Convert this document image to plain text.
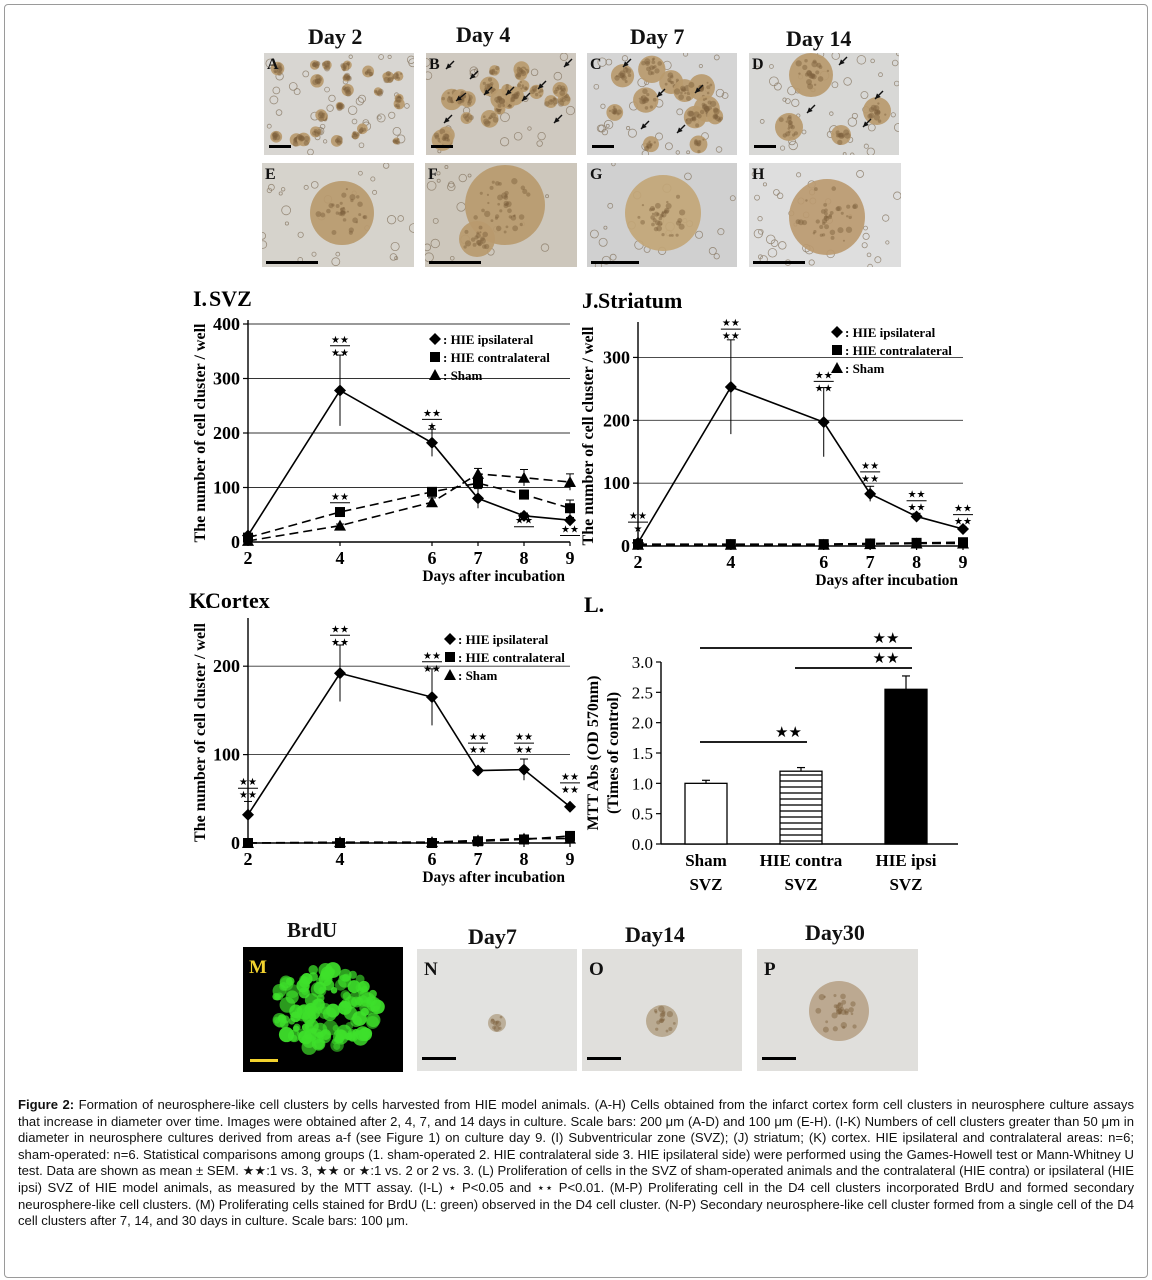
Day 2	Day 4	Day 7	Day 14
A	B	C	D
E	F	G	H
0
100
200
300
400
2	4	6 7 8 9
I. SVZ
Days after incubation
The number of cell cluster / well	: HIE ipsilateral
: HIE contralateral
: Sham
★★
★★
★★
★★
★
★★
★★
0
100
200
300
2	4	6 7 8 9
J. Striatum
Days after incubation
The number of cell cluster / well	: HIE ipsilateral
: HIE contralateral
: Sham
★★
★★
★★
★★
★★
★★
★★
★★	★★
★★
★★
★
0
100
200
2	4	6 7 8 9
K.
Cortex
Days after incubation
The number of cell cluster / well	: HIE ipsilateral
: HIE contralateral
: Sham
★★
★★
★★
★★
★★
★★
★★
★★
★★
★★
★★
★★
L.
0.0
0.5
1.0
1.5
2.0
2.5
3.0
MTT Abs (OD 570nm) (Times of control)
Sham
SVZ
HIE contra
SVZ
HIE ipsi
SVZ
★★
★★
★★
BrdU	Day7	Day14	Day30
M	N	O	P
Figure 2: Formation of neurosphere-like cell clusters by cells harvested from HIE model animals. (A-H) Cells obtained from the infarct cortex form cell clusters in neurosphere culture assays that increase in diameter over time. Images were obtained after 2, 4, 7, and 14 days in culture. Scale bars: 200 μm (A-D) and 100 μm (E-H). (I-K) Numbers of cell clusters greater than 50 μm in diameter in neurosphere cultures derived from areas a-f (see Figure 1) on culture day 9. (I) Subventricular zone (SVZ); (J) striatum; (K) cortex. HIE ipsilateral and contralateral areas: n=6; sham-operated: n=6. Statistical comparisons among groups (1. sham-operated 2. HIE contralateral side 3. HIE ipsilateral side) were performed using the Games-Howell test or Mann-Whitney U test. Data are shown as mean ± SEM. ★★:1 vs. 3, ★★ or ★:1 vs. 2 or 2 vs. 3. (L) Proliferation of cells in the SVZ of sham-operated animals and the contralateral (HIE contra) or ipsilateral (HIE ipsi) SVZ of HIE model animals, as measured by the MTT assay. (I-L) ⋆ P<0.05 and ⋆⋆ P<0.01. (M-P) Proliferating cell in the D4 cell clusters incorporated BrdU and formed secondary neurosphere-like cell clusters. (M) Proliferating cells stained for BrdU (L: green) observed in the D4 cell cluster. (N-P) Secondary neurosphere-like cell cluster formed from a single cell of the D4 cell clusters after 7, 14, and 30 days in culture. Scale bars: 100 μm.
